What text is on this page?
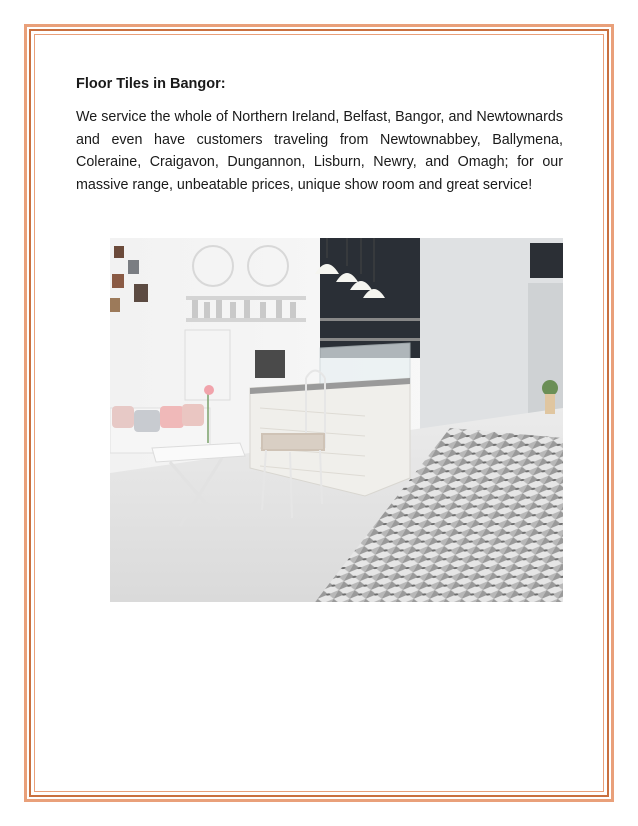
Floor Tiles in Bangor:

We service the whole of Northern Ireland, Belfast, Bangor, and Newtownards and even have customers traveling from Newtownabbey, Ballymena, Coleraine, Craigavon, Dungannon, Lisburn, Newry, and Omagh; for our massive range, unbeatable prices, unique show room and great service!
